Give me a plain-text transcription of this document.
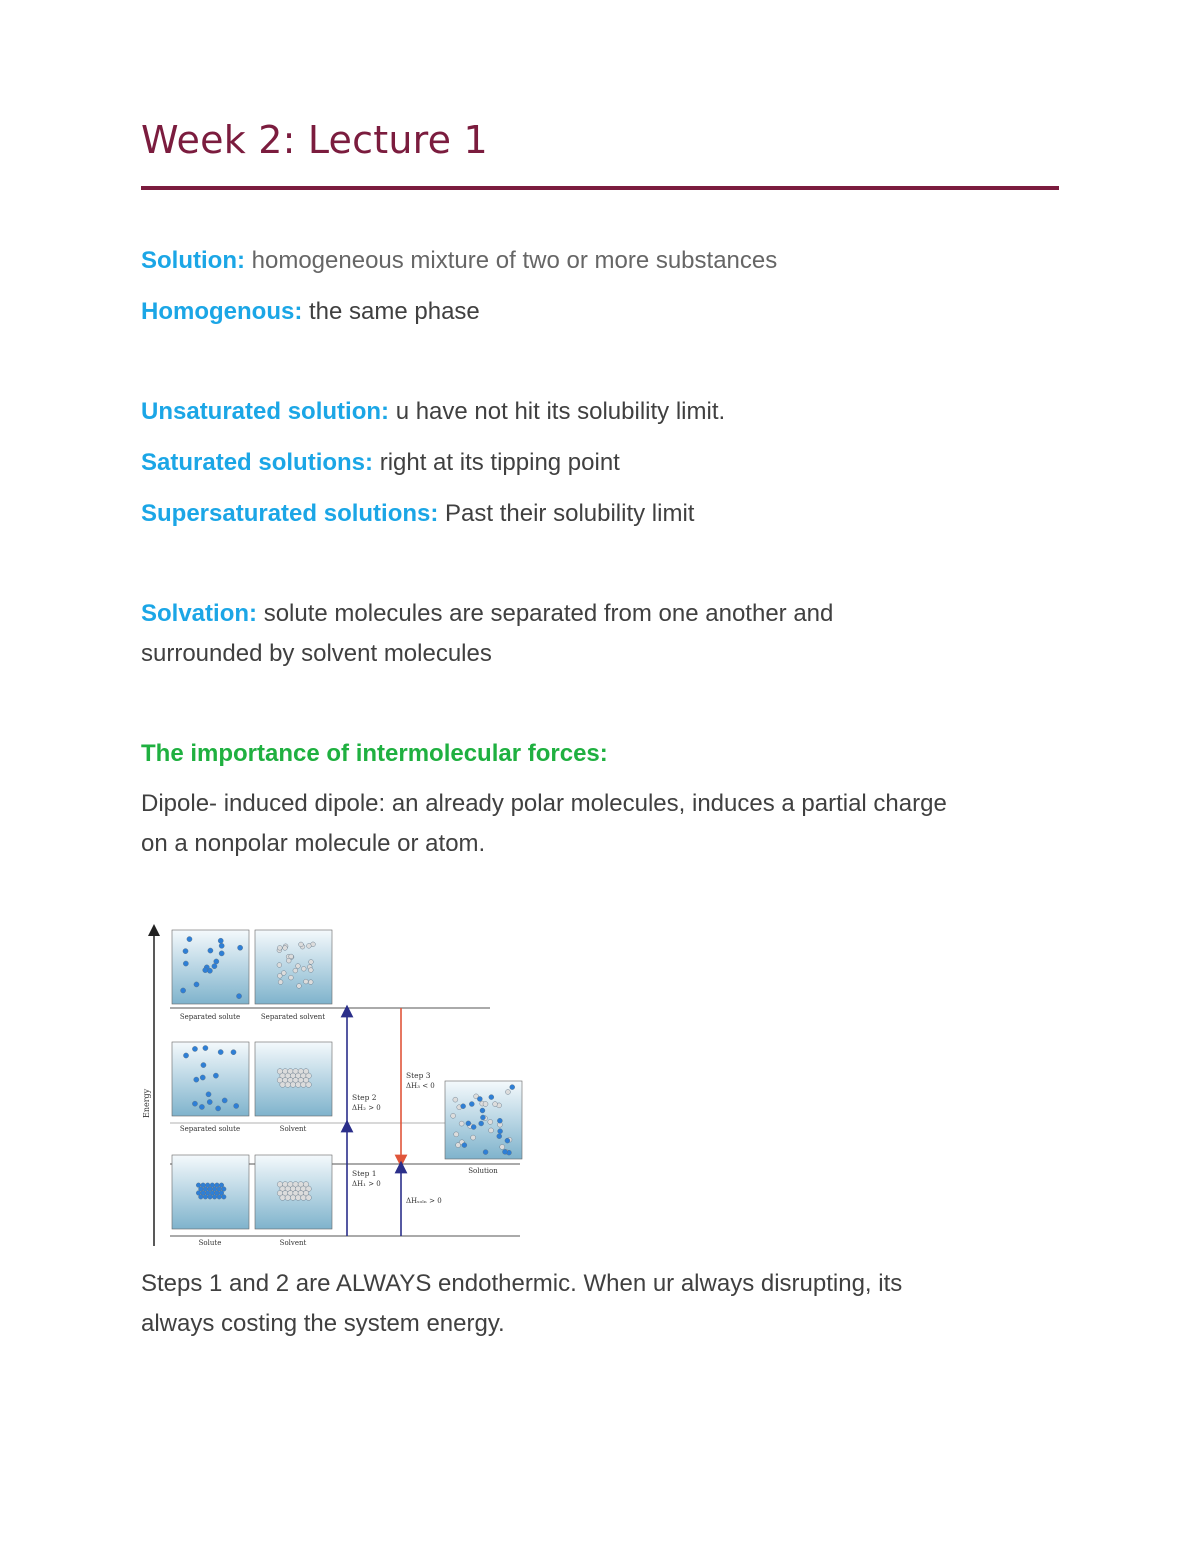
Week 2: Lecture 1
Solution: homogeneous mixture of two or more substances
Homogenous: the same phase
Unsaturated solution: u have not hit its solubility limit.
Saturated solutions: right at its tipping point
Supersaturated solutions: Past their solubility limit
Solvation: solute molecules are separated from one another and
surrounded by solvent molecules
The importance of intermolecular forces:
Dipole- induced dipole: an already polar molecules, induces a partial charge
on a nonpolar molecule or atom.
Energy
Separated solute	Separated solvent
Separated solute	Solvent
Solute	Solvent
Solution
Step 2
ΔH₂ > 0
Step 3
ΔH₃ < 0
Step 1
ΔH₁ > 0
ΔHₛₒₗₙ > 0
Steps 1 and 2 are ALWAYS endothermic. When ur always disrupting, its
always costing the system energy.
